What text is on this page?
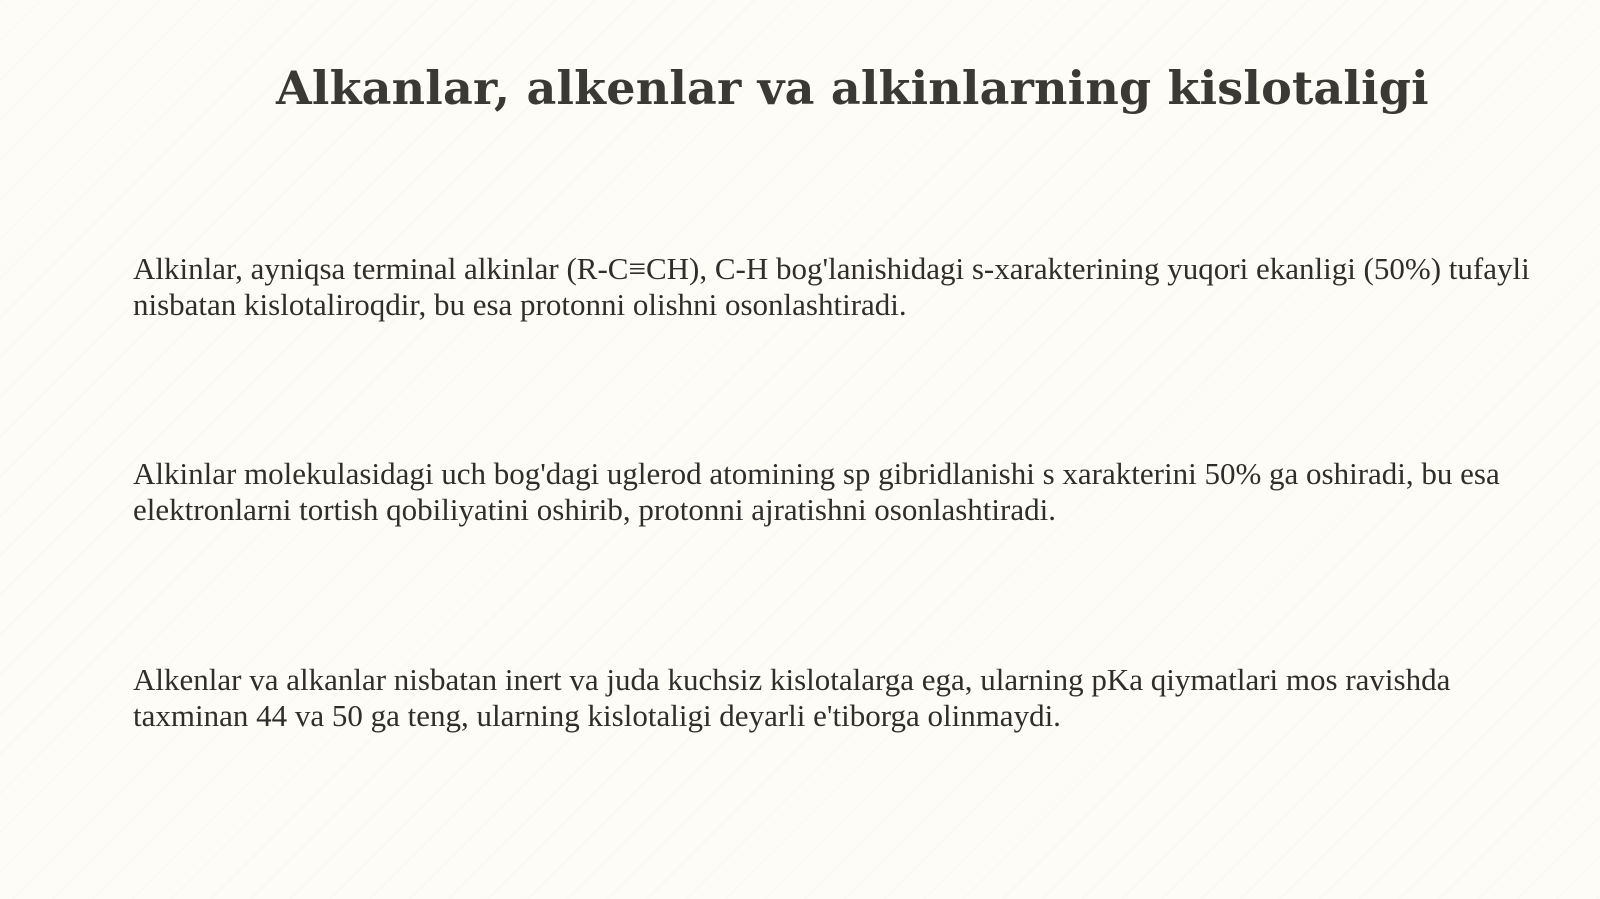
Alkanlar, alkenlar va alkinlarning kislotaligi

Alkinlar, ayniqsa terminal alkinlar (R-C≡CH), C-H bog'lanishidagi s-xarakterining yuqori ekanligi (50%) tufayli nisbatan kislotaliroqdir, bu esa protonni olishni osonlashtiradi.

Alkinlar molekulasidagi uch bog'dagi uglerod atomining sp gibridlanishi s xarakterini 50% ga oshiradi, bu esa elektronlarni tortish qobiliyatini oshirib, protonni ajratishni osonlashtiradi.

Alkenlar va alkanlar nisbatan inert va juda kuchsiz kislotalarga ega, ularning pKa qiymatlari mos ravishda taxminan 44 va 50 ga teng, ularning kislotaligi deyarli e'tiborga olinmaydi.
